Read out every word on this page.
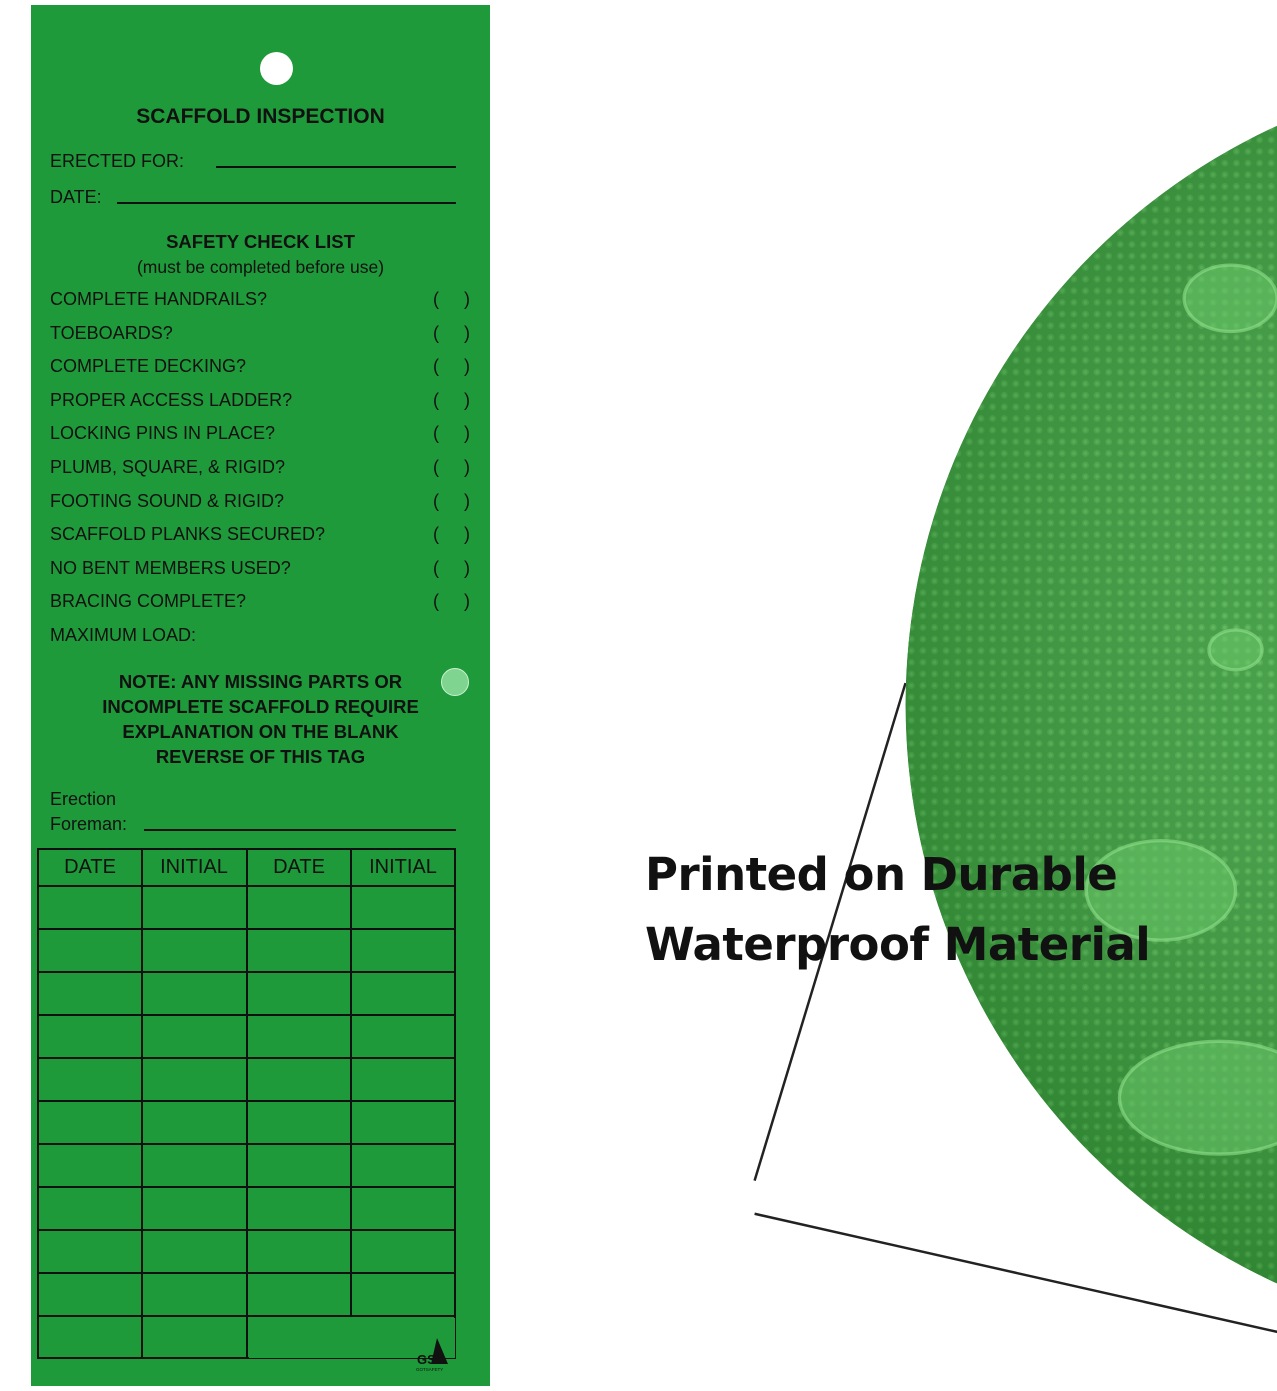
SCAFFOLD INSPECTION
ERECTED FOR:
DATE:
SAFETY CHECK LIST
(must be completed before use)
COMPLETE HANDRAILS?	(     )
TOEBOARDS?	(     )
COMPLETE DECKING?	(     )
PROPER ACCESS LADDER?	(     )
LOCKING PINS IN PLACE?	(     )
PLUMB, SQUARE, & RIGID?	(     )
FOOTING SOUND & RIGID?	(     )
SCAFFOLD PLANKS SECURED?	(     )
NO BENT MEMBERS USED?	(     )
BRACING COMPLETE?	(     )
MAXIMUM LOAD:
NOTE: ANY MISSING PARTS OR
INCOMPLETE SCAFFOLD REQUIRE
EXPLANATION ON THE BLANK
REVERSE OF THIS TAG
Erection
Foreman:
DATE	INITIAL	DATE	INITIAL
GS
GOTSAFETY
Printed on Durable
Waterproof Material
